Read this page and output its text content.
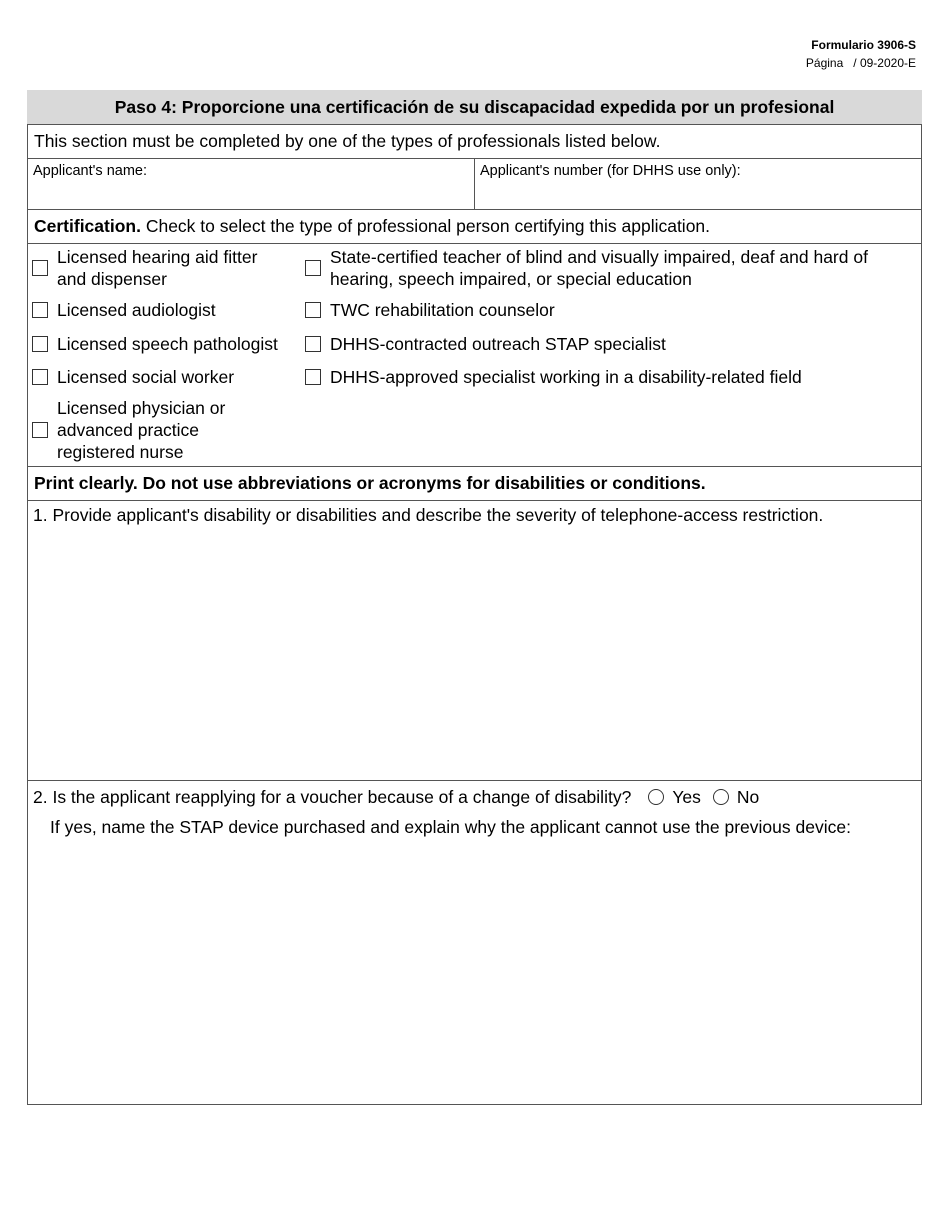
Formulario 3906-S
Página / 09-2020-E
Paso 4: Proporcione una certificación de su discapacidad expedida por un profesional
This section must be completed by one of the types of professionals listed below.
Applicant's name:	Applicant's number (for DHHS use only):
Certification. Check to select the type of professional person certifying this application.
Licensed hearing aid fitter
and dispenser
Licensed audiologist
Licensed speech pathologist
Licensed social worker
Licensed physician or
advanced practice
registered nurse
State-certified teacher of blind and visually impaired, deaf and hard of
hearing, speech impaired, or special education
TWC rehabilitation counselor
DHHS-contracted outreach STAP specialist
DHHS-approved specialist working in a disability-related field
Print clearly. Do not use abbreviations or acronyms for disabilities or conditions.
1. Provide applicant's disability or disabilities and describe the severity of telephone-access restriction.
2. Is the applicant reapplying for a voucher because of a change of disability? Yes No
If yes, name the STAP device purchased and explain why the applicant cannot use the previous device:
